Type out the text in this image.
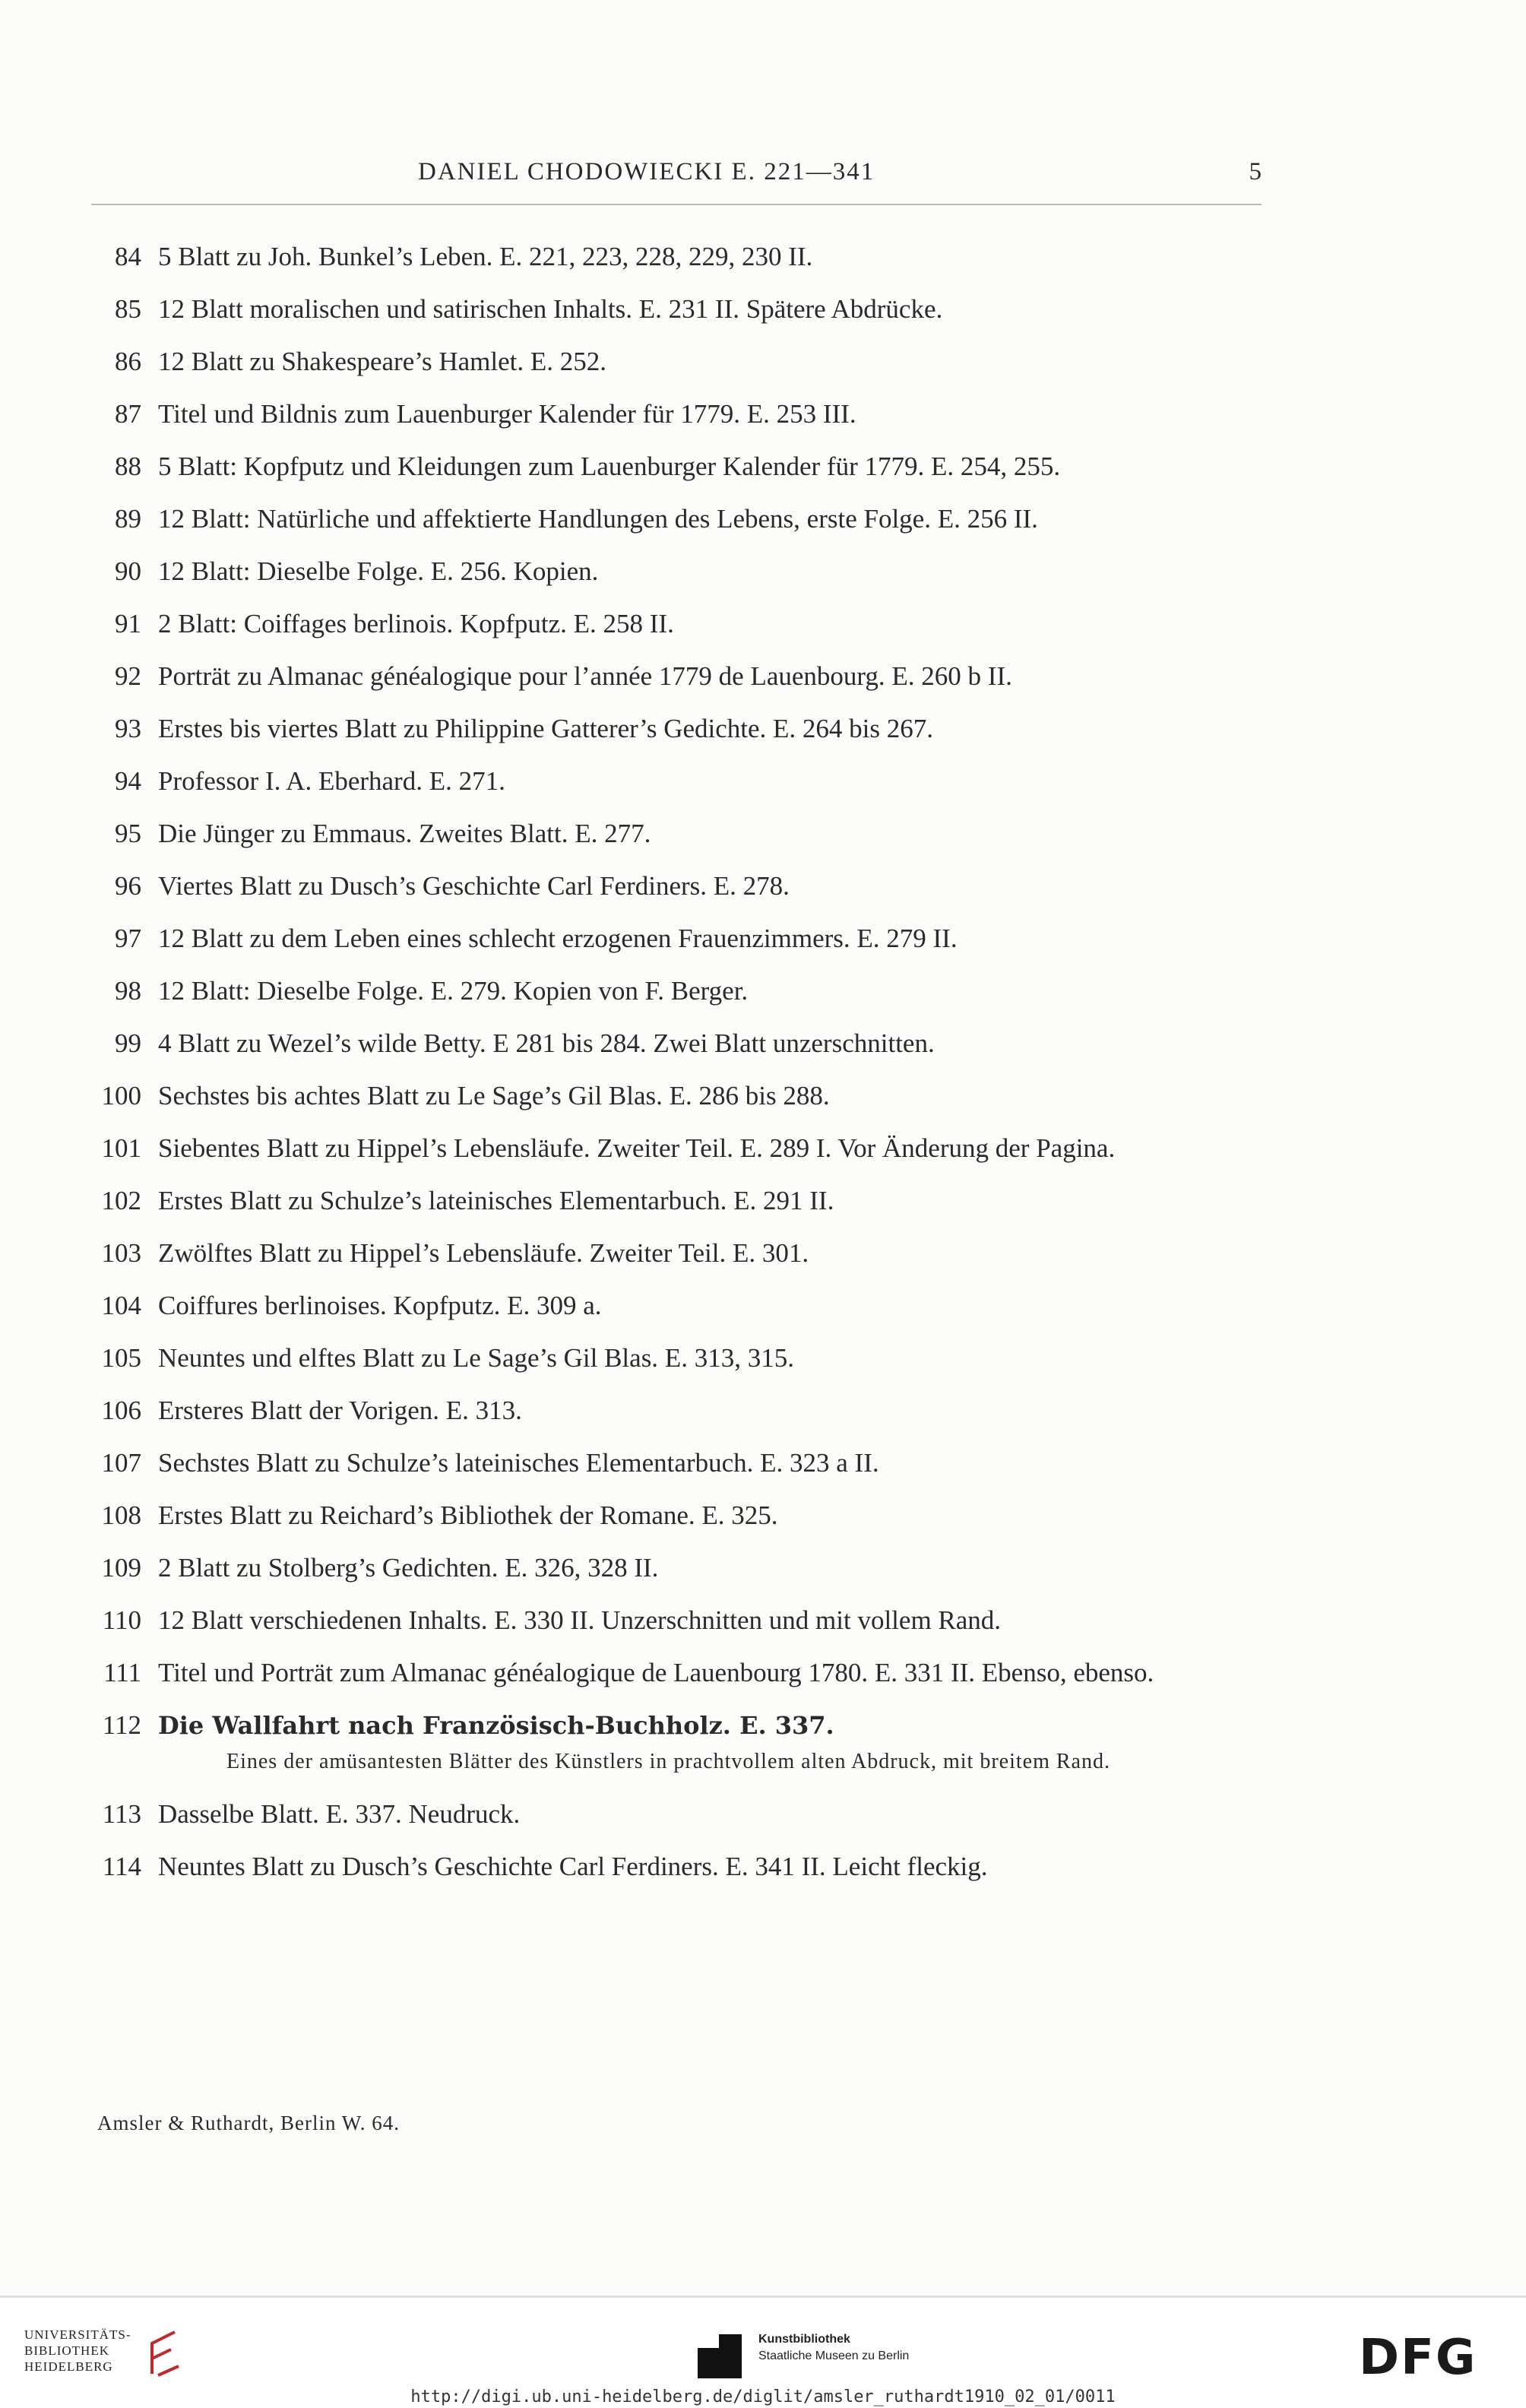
DANIEL CHODOWIECKI E. 221—341	5
84 5 Blatt zu Joh. Bunkel’s Leben. E. 221, 223, 228, 229, 230 II.
85 12 Blatt moralischen und satirischen Inhalts. E. 231 II. Spätere Abdrücke.
86 12 Blatt zu Shakespeare’s Hamlet. E. 252.
87 Titel und Bildnis zum Lauenburger Kalender für 1779. E. 253 III.
88 5 Blatt: Kopfputz und Kleidungen zum Lauenburger Kalender für 1779. E. 254, 255.
89 12 Blatt: Natürliche und affektierte Handlungen des Lebens, erste Folge. E. 256 II.
90 12 Blatt: Dieselbe Folge. E. 256. Kopien.
91 2 Blatt: Coiffages berlinois. Kopfputz. E. 258 II.
92 Porträt zu Almanac généalogique pour l’année 1779 de Lauenbourg. E. 260 b II.
93 Erstes bis viertes Blatt zu Philippine Gatterer’s Gedichte. E. 264 bis 267.
94 Professor I. A. Eberhard. E. 271.
95 Die Jünger zu Emmaus. Zweites Blatt. E. 277.
96 Viertes Blatt zu Dusch’s Geschichte Carl Ferdiners. E. 278.
97 12 Blatt zu dem Leben eines schlecht erzogenen Frauenzimmers. E. 279 II.
98 12 Blatt: Dieselbe Folge. E. 279. Kopien von F. Berger.
99 4 Blatt zu Wezel’s wilde Betty. E 281 bis 284. Zwei Blatt unzerschnitten.
100 Sechstes bis achtes Blatt zu Le Sage’s Gil Blas. E. 286 bis 288.
101 Siebentes Blatt zu Hippel’s Lebensläufe. Zweiter Teil. E. 289 I. Vor Änderung der Pagina.
102 Erstes Blatt zu Schulze’s lateinisches Elementarbuch. E. 291 II.
103 Zwölftes Blatt zu Hippel’s Lebensläufe. Zweiter Teil. E. 301.
104 Coiffures berlinoises. Kopfputz. E. 309 a.
105 Neuntes und elftes Blatt zu Le Sage’s Gil Blas. E. 313, 315.
106 Ersteres Blatt der Vorigen. E. 313.
107 Sechstes Blatt zu Schulze’s lateinisches Elementarbuch. E. 323 a II.
108 Erstes Blatt zu Reichard’s Bibliothek der Romane. E. 325.
109 2 Blatt zu Stolberg’s Gedichten. E. 326, 328 II.
110 12 Blatt verschiedenen Inhalts. E. 330 II. Unzerschnitten und mit vollem Rand.
111 Titel und Porträt zum Almanac généalogique de Lauenbourg 1780. E. 331 II. Ebenso, ebenso.
112 Die Wallfahrt nach Französisch-Buchholz. E. 337.
Eines der amüsantesten Blätter des Künstlers in prachtvollem alten Abdruck, mit breitem Rand.
113 Dasselbe Blatt. E. 337. Neudruck.
114 Neuntes Blatt zu Dusch’s Geschichte Carl Ferdiners. E. 341 II. Leicht fleckig.
Amsler & Ruthardt, Berlin W. 64.
UNIVERSITÄTS-
BIBLIOTHEK
HEIDELBERG
Kunstbibliothek
Staatliche Museen zu Berlin	DFG
http://digi.ub.uni-heidelberg.de/diglit/amsler_ruthardt1910_02_01/0011
